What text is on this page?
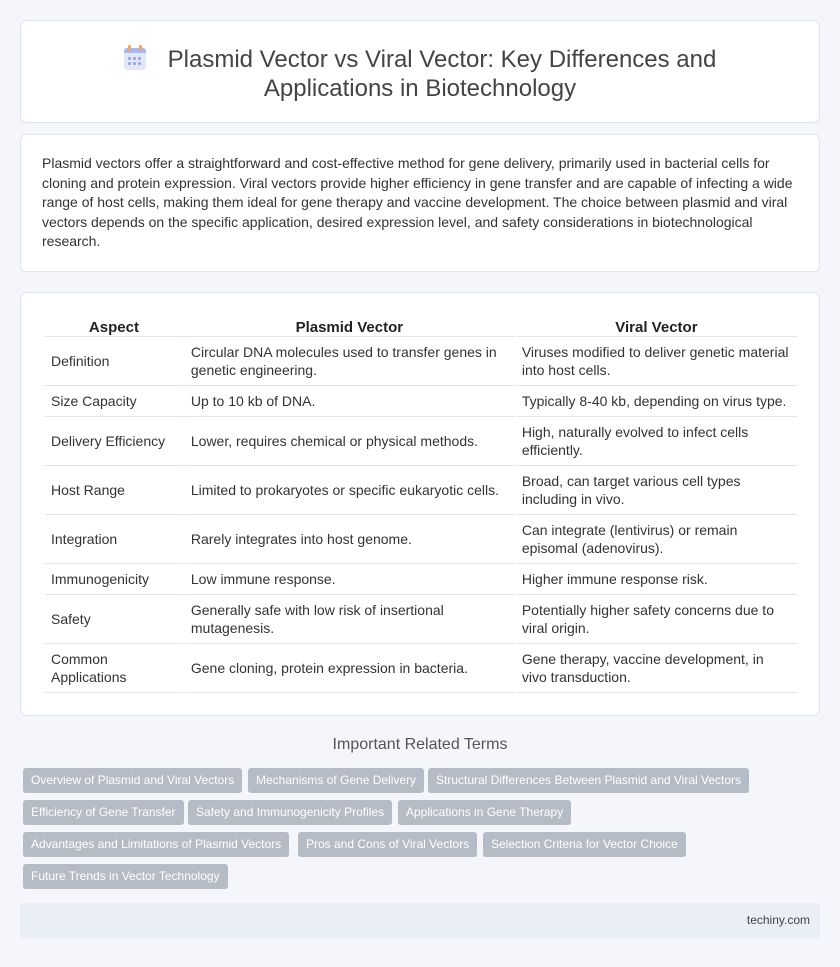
Plasmid Vector vs Viral Vector: Key Differences and Applications in Biotechnology

Plasmid vectors offer a straightforward and cost-effective method for gene delivery, primarily used in bacterial cells for cloning and protein expression. Viral vectors provide higher efficiency in gene transfer and are capable of infecting a wide range of host cells, making them ideal for gene therapy and vaccine development. The choice between plasmid and viral vectors depends on the specific application, desired expression level, and safety considerations in biotechnological research.

Aspect	Plasmid Vector	Viral Vector
Definition	Circular DNA molecules used to transfer genes in genetic engineering.	Viruses modified to deliver genetic material into host cells.
Size Capacity	Up to 10 kb of DNA.	Typically 8-40 kb, depending on virus type.
Delivery Efficiency	Lower, requires chemical or physical methods.	High, naturally evolved to infect cells efficiently.
Host Range	Limited to prokaryotes or specific eukaryotic cells.	Broad, can target various cell types including in vivo.
Integration	Rarely integrates into host genome.	Can integrate (lentivirus) or remain episomal (adenovirus).
Immunogenicity	Low immune response.	Higher immune response risk.
Safety	Generally safe with low risk of insertional mutagenesis.	Potentially higher safety concerns due to viral origin.
Common Applications	Gene cloning, protein expression in bacteria.	Gene therapy, vaccine development, in vivo transduction.
Important Related Terms
Overview of Plasmid and Viral Vectors	Mechanisms of Gene Delivery	Structural Differences Between Plasmid and Viral Vectors
Efficiency of Gene Transfer	Safety and Immunogenicity Profiles	Applications in Gene Therapy
Advantages and Limitations of Plasmid Vectors	Pros and Cons of Viral Vectors	Selection Criteria for Vector Choice
Future Trends in Vector Technology
techiny.com
